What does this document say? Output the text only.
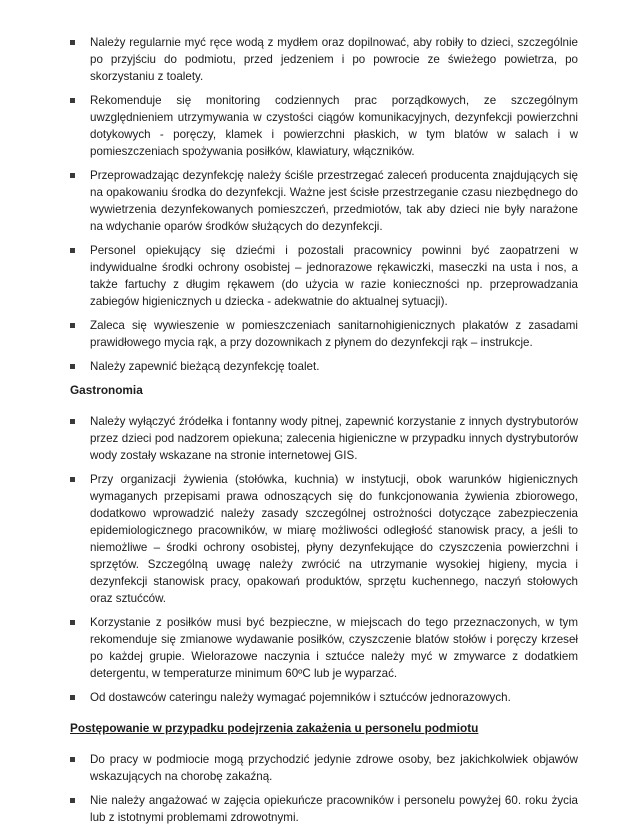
Należy regularnie myć ręce wodą z mydłem oraz dopilnować, aby robiły to dzieci, szczególnie po przyjściu do podmiotu, przed jedzeniem i po powrocie ze świeżego powietrza, po skorzystaniu z toalety.
Rekomenduje się monitoring codziennych prac porządkowych, ze szczególnym uwzględnieniem utrzymywania w czystości ciągów komunikacyjnych, dezynfekcji powierzchni dotykowych - poręczy, klamek i powierzchni płaskich, w tym blatów w salach i w pomieszczeniach spożywania posiłków, klawiatury, włączników.
Przeprowadzając dezynfekcję należy ściśle przestrzegać zaleceń producenta znajdujących się na opakowaniu środka do dezynfekcji. Ważne jest ścisłe przestrzeganie czasu niezbędnego do wywietrzenia dezynfekowanych pomieszczeń, przedmiotów, tak aby dzieci nie były narażone na wdychanie oparów środków służących do dezynfekcji.
Personel opiekujący się dziećmi i pozostali pracownicy powinni być zaopatrzeni w indywidualne środki ochrony osobistej – jednorazowe rękawiczki, maseczki na usta i nos, a także fartuchy z długim rękawem (do użycia w razie konieczności np. przeprowadzania zabiegów higienicznych u dziecka - adekwatnie do aktualnej sytuacji).
Zaleca się wywieszenie w pomieszczeniach sanitarnohigienicznych plakatów z zasadami prawidłowego mycia rąk, a przy dozownikach z płynem do dezynfekcji rąk – instrukcje.
Należy zapewnić bieżącą dezynfekcję toalet.
Gastronomia
Należy wyłączyć źródełka i fontanny wody pitnej, zapewnić korzystanie z innych dystrybutorów przez dzieci pod nadzorem opiekuna; zalecenia higieniczne w przypadku innych dystrybutorów wody zostały wskazane na stronie internetowej GIS.
Przy organizacji żywienia (stołówka, kuchnia) w instytucji, obok warunków higienicznych wymaganych przepisami prawa odnoszących się do funkcjonowania żywienia zbiorowego, dodatkowo wprowadzić należy zasady szczególnej ostrożności dotyczące zabezpieczenia epidemiologicznego pracowników, w miarę możliwości odległość stanowisk pracy, a jeśli to niemożliwe – środki ochrony osobistej, płyny dezynfekujące do czyszczenia powierzchni i sprzętów. Szczególną uwagę należy zwrócić na utrzymanie wysokiej higieny, mycia i dezynfekcji stanowisk pracy, opakowań produktów, sprzętu kuchennego, naczyń stołowych oraz sztućców.
Korzystanie z posiłków musi być bezpieczne, w miejscach do tego przeznaczonych, w tym rekomenduje się zmianowe wydawanie posiłków, czyszczenie blatów stołów i poręczy krzeseł po każdej grupie. Wielorazowe naczynia i sztućce należy myć w zmywarce z dodatkiem detergentu, w temperaturze minimum 60ºC lub je wyparzać.
Od dostawców cateringu należy wymagać pojemników i sztućców jednorazowych.
Postępowanie w przypadku podejrzenia zakażenia u personelu podmiotu
Do pracy w podmiocie mogą przychodzić jedynie zdrowe osoby, bez jakichkolwiek objawów wskazujących na chorobę zakaźną.
Nie należy angażować w zajęcia opiekuńcze pracowników i personelu powyżej 60. roku życia lub z istotnymi problemami zdrowotnymi.
